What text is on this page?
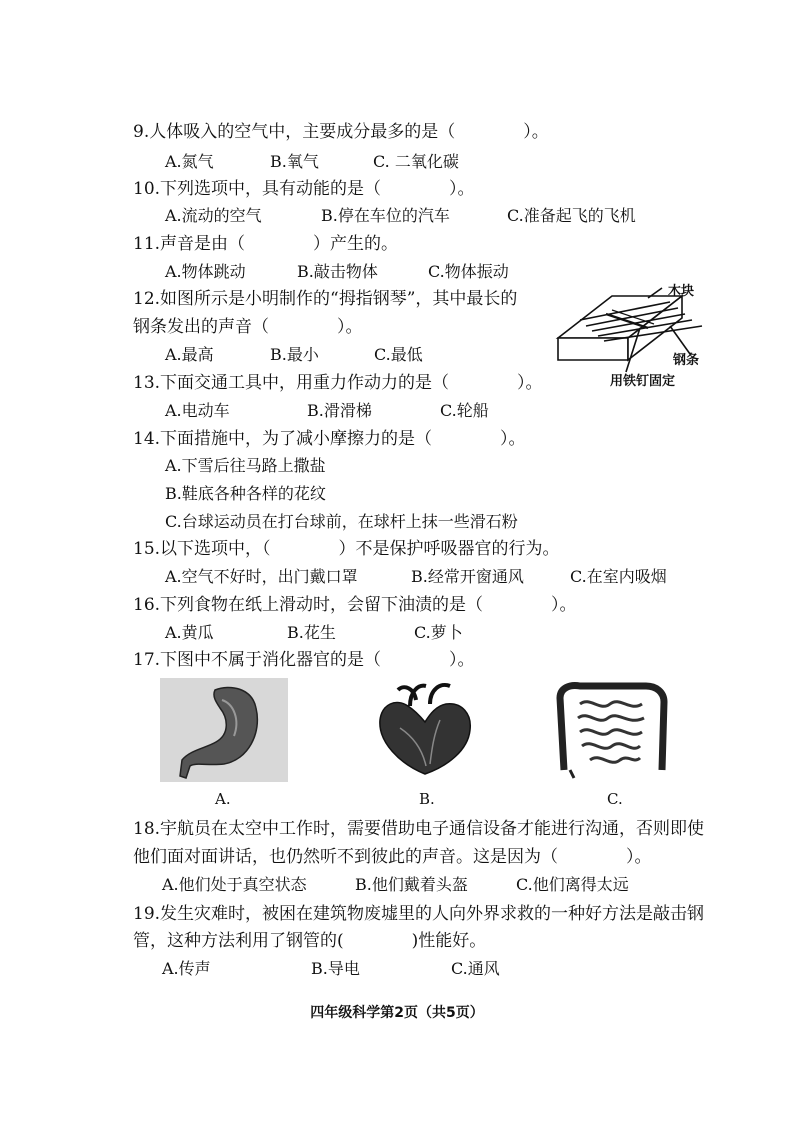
9.人体吸入的空气中，主要成分最多的是（　　　　）。
A.氮气	B.氧气	C. 二氧化碳
10.下列选项中，具有动能的是（　　　　）。
A.流动的空气	B.停在车位的汽车	C.准备起飞的飞机
11.声音是由（　　　　）产生的。
A.物体跳动	B.敲击物体	C.物体振动
12.如图所示是小明制作的“拇指钢琴”，其中最长的
钢条发出的声音（　　　　）。
A.最高	B.最小	C.最低
木块
钢条
用铁钉固定
13.下面交通工具中，用重力作动力的是（　　　　）。
A.电动车	B.滑滑梯	C.轮船
14.下面措施中，为了减小摩擦力的是（　　　　）。
A.下雪后往马路上撒盐
B.鞋底各种各样的花纹
C.台球运动员在打台球前，在球杆上抹一些滑石粉
15.以下选项中，（　　　　）不是保护呼吸器官的行为。
A.空气不好时，出门戴口罩	B.经常开窗通风	C.在室内吸烟
16.下列食物在纸上滑动时，会留下油渍的是（　　　　）。
A.黄瓜	B.花生	C.萝卜
17.下图中不属于消化器官的是（　　　　）。
A.	B.	C.
18.宇航员在太空中工作时，需要借助电子通信设备才能进行沟通，否则即使
他们面对面讲话，也仍然听不到彼此的声音。这是因为（　　　　）。
A.他们处于真空状态	B.他们戴着头盔	C.他们离得太远
19.发生灾难时，被困在建筑物废墟里的人向外界求救的一种好方法是敲击钢
管，这种方法利用了钢管的(　　　　)性能好。
A.传声	B.导电	C.通风
四年级科学第2页（共5页）
